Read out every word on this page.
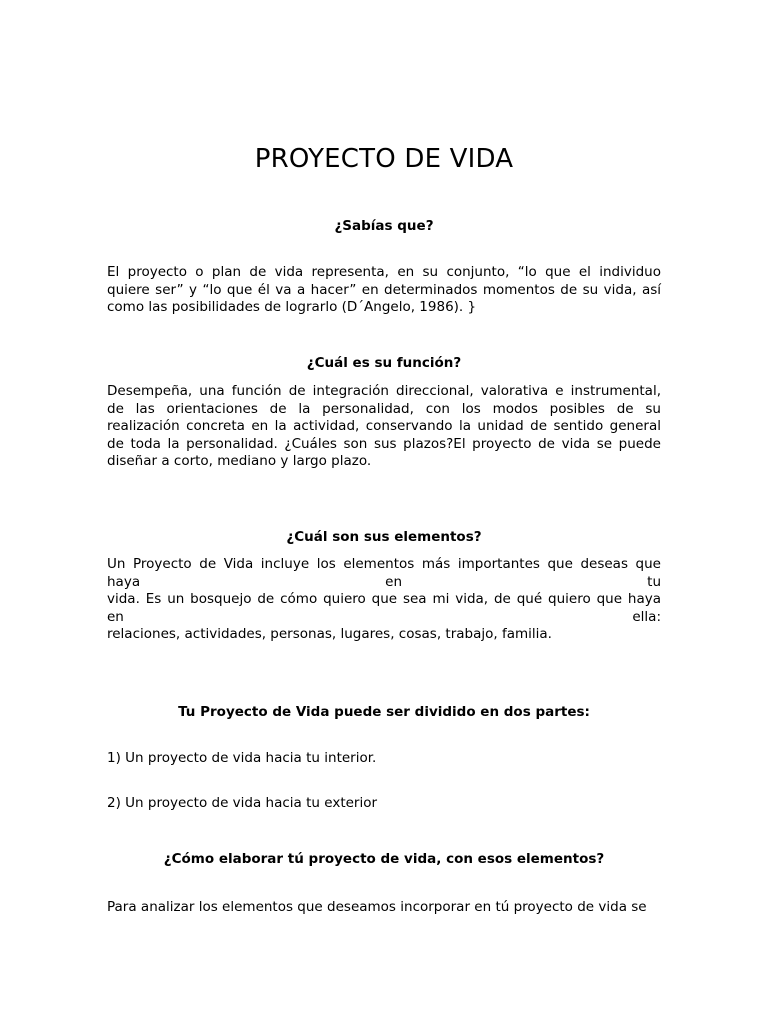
PROYECTO DE VIDA
¿Sabías que?
El proyecto o plan de vida representa, en su conjunto, “lo que el individuo
quiere ser” y “lo que él va a hacer” en determinados momentos de su vida, así
como las posibilidades de lograrlo (D´Angelo, 1986). }
¿Cuál es su función?
Desempeña, una función de integración direccional, valorativa e instrumental,
de las orientaciones de la personalidad, con los modos posibles de su
realización concreta en la actividad, conservando la unidad de sentido general
de toda la personalidad. ¿Cuáles son sus plazos?El proyecto de vida se puede
diseñar a corto, mediano y largo plazo.
¿Cuál son sus elementos?
Un Proyecto de Vida incluye los elementos más importantes que deseas que
haya en tu
vida. Es un bosquejo de cómo quiero que sea mi vida, de qué quiero que haya
en ella:
relaciones, actividades, personas, lugares, cosas, trabajo, familia.
Tu Proyecto de Vida puede ser dividido en dos partes:
1) Un proyecto de vida hacia tu interior.
2) Un proyecto de vida hacia tu exterior
¿Cómo elaborar tú proyecto de vida, con esos elementos?
Para analizar los elementos que deseamos incorporar en tú proyecto de vida se
